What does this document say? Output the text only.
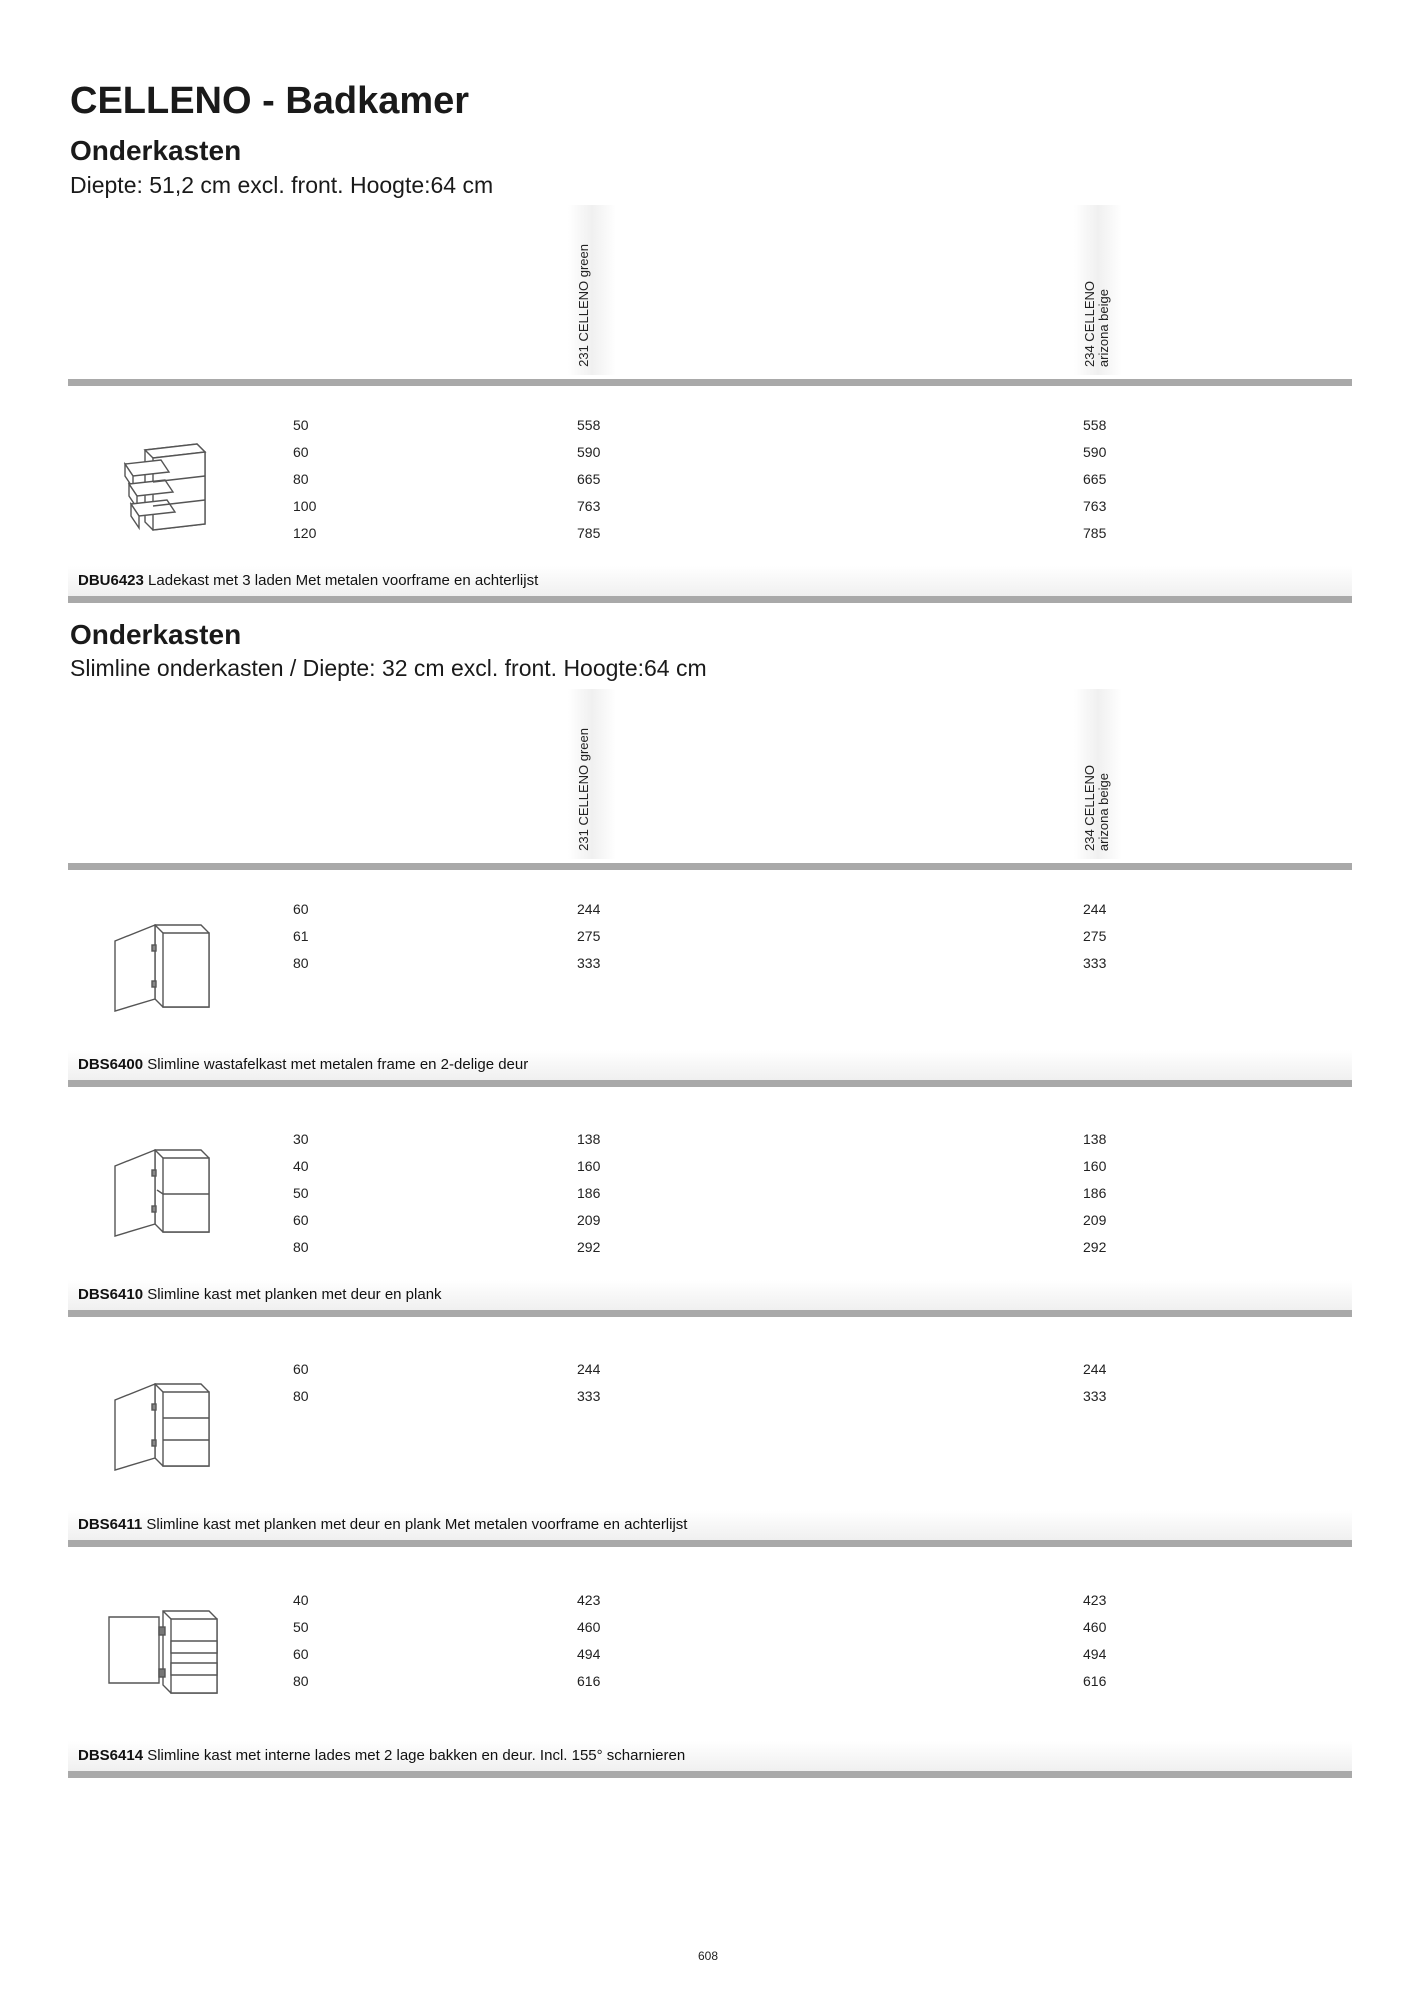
CELLENO - Badkamer
Onderkasten

Diepte: 51,2 cm excl. front. Hoogte:64 cm

231 CELLENO green	234 CELLENO arizona beige
50
60
80
100
120
558
590
665
763
785
558
590
665
763
785
DBU6423 Ladekast met 3 laden Met metalen voorframe en achterlijst
Onderkasten

Slimline onderkasten / Diepte: 32 cm excl. front. Hoogte:64 cm

231 CELLENO green	234 CELLENO arizona beige
60
61
80
244
275
333
244
275
333
DBS6400 Slimline wastafelkast met metalen frame en 2-delige deur
30
40
50
60
80
138
160
186
209
292
138
160
186
209
292
DBS6410 Slimline kast met planken met deur en plank
60
80
244
333
244
333
DBS6411 Slimline kast met planken met deur en plank Met metalen voorframe en achterlijst
40
50
60
80
423
460
494
616
423
460
494
616
DBS6414 Slimline kast met interne lades met 2 lage bakken en deur. Incl. 155° scharnieren
608
